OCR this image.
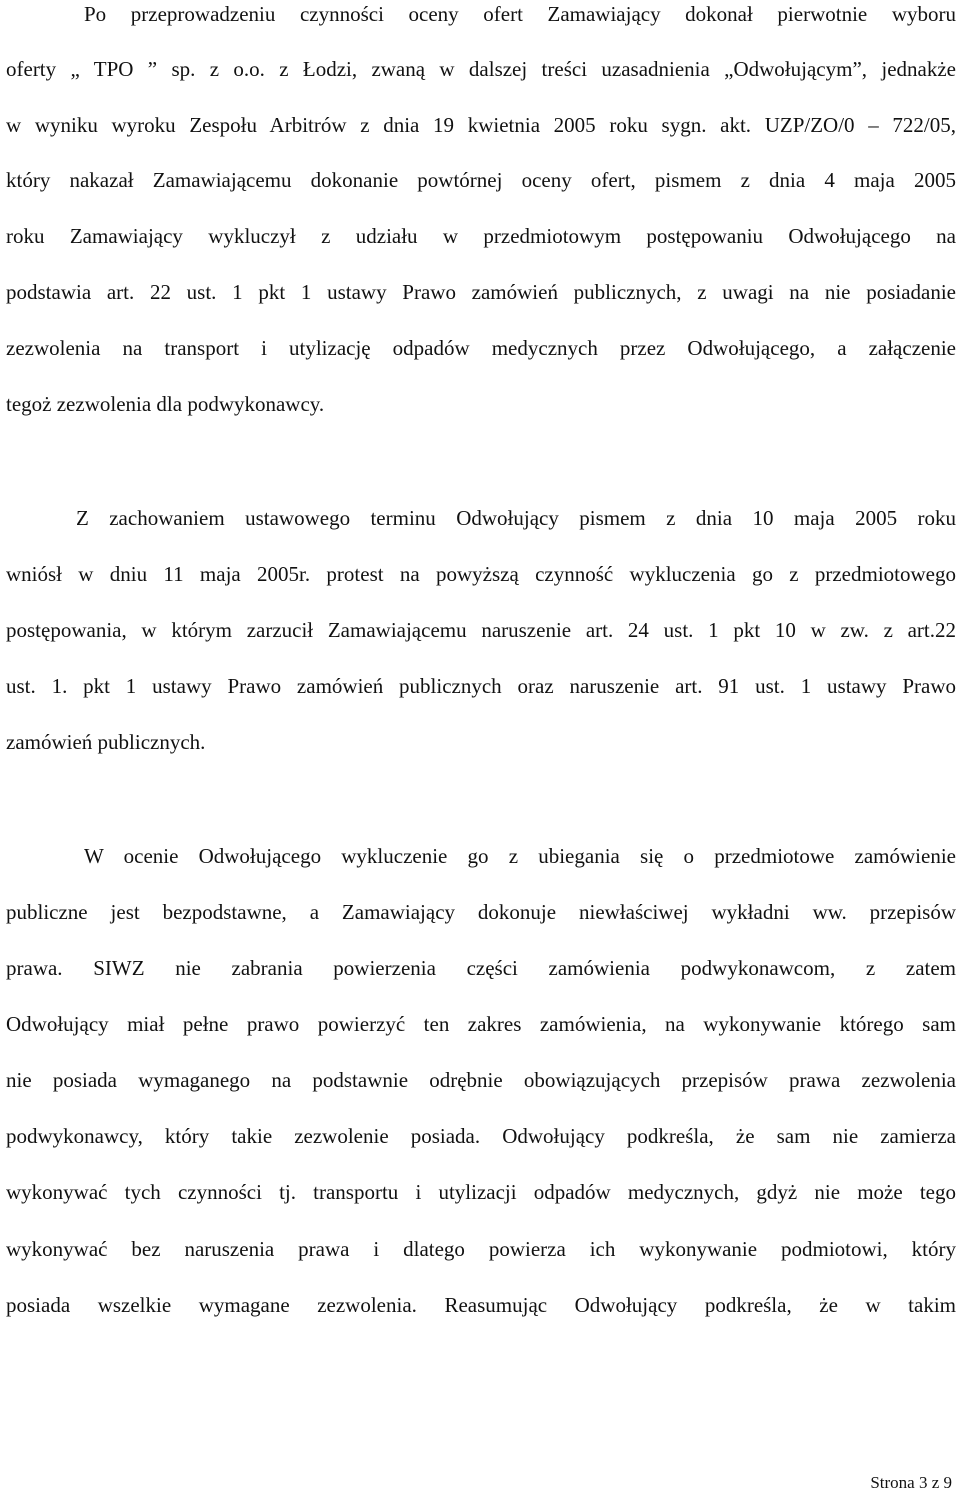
Po przeprowadzeniu czynności oceny ofert Zamawiający dokonał pierwotnie wyboru
oferty „ TPO ” sp. z o.o. z Łodzi, zwaną w dalszej treści uzasadnienia „Odwołującym”, jednakże
w wyniku wyroku Zespołu Arbitrów z dnia 19 kwietnia 2005 roku sygn. akt. UZP/ZO/0 – 722/05,
który nakazał Zamawiającemu dokonanie powtórnej oceny ofert, pismem z dnia 4 maja 2005
roku Zamawiający wykluczył z udziału w przedmiotowym postępowaniu Odwołującego na
podstawia art. 22 ust. 1 pkt 1 ustawy Prawo zamówień publicznych, z uwagi na nie posiadanie
zezwolenia na transport i utylizację odpadów medycznych przez Odwołującego, a załączenie
tegoż zezwolenia dla podwykonawcy.
Z zachowaniem ustawowego terminu Odwołujący pismem z dnia 10 maja 2005 roku
wniósł w dniu 11 maja 2005r. protest na powyższą czynność wykluczenia go z przedmiotowego
postępowania, w którym zarzucił Zamawiającemu naruszenie art. 24 ust. 1 pkt 10 w zw. z art.22
ust. 1. pkt 1 ustawy Prawo zamówień publicznych oraz naruszenie art. 91 ust. 1 ustawy Prawo
zamówień publicznych.
W ocenie Odwołującego wykluczenie go z ubiegania się o przedmiotowe zamówienie
publiczne jest bezpodstawne, a Zamawiający dokonuje niewłaściwej wykładni ww. przepisów
prawa. SIWZ nie zabrania powierzenia części zamówienia podwykonawcom, z zatem
Odwołujący miał pełne prawo powierzyć ten zakres zamówienia, na wykonywanie którego sam
nie posiada wymaganego na podstawnie odrębnie obowiązujących przepisów prawa zezwolenia
podwykonawcy, który takie zezwolenie posiada. Odwołujący podkreśla, że sam nie zamierza
wykonywać tych czynności tj. transportu i utylizacji odpadów medycznych, gdyż nie może tego
wykonywać bez naruszenia prawa i dlatego powierza ich wykonywanie podmiotowi, który
posiada wszelkie wymagane zezwolenia. Reasumując Odwołujący podkreśla, że w takim
Strona 3 z 9
